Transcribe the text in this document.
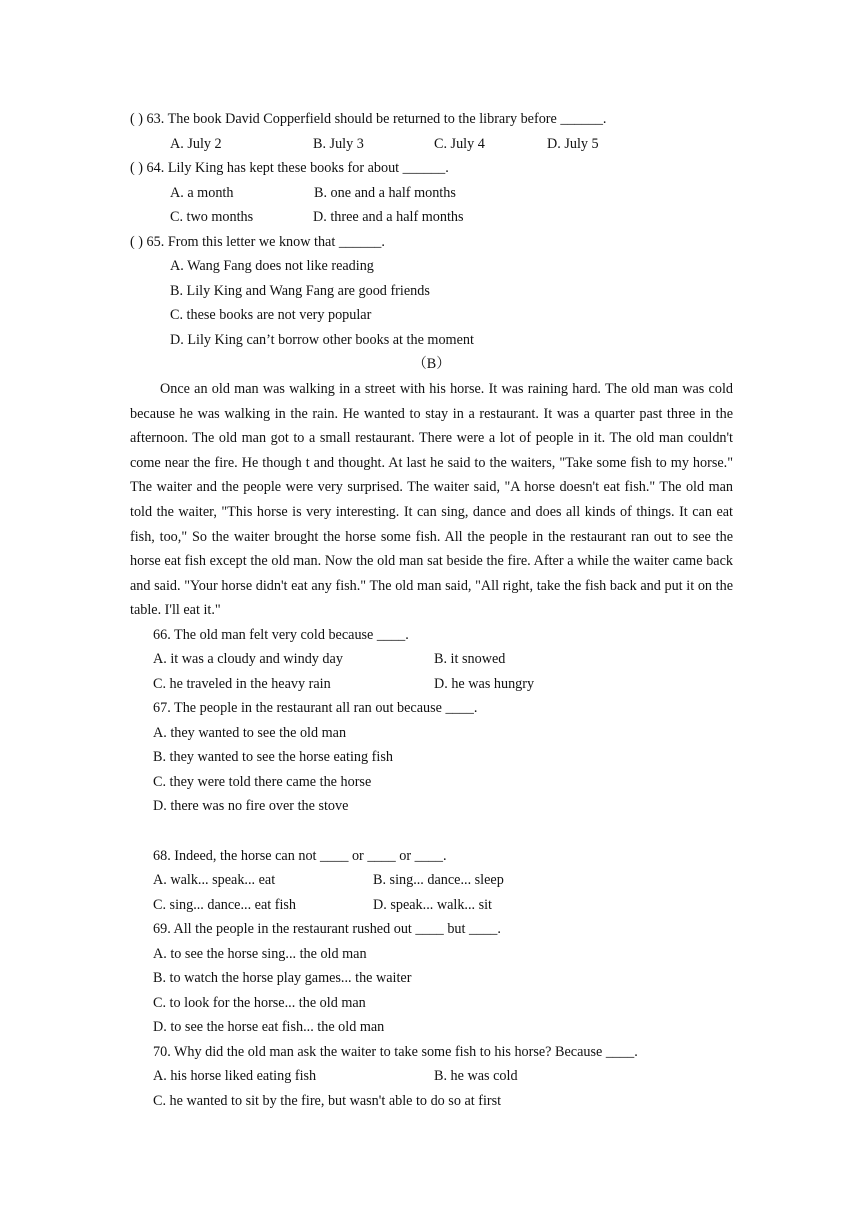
( ) 63. The book David Copperfield should be returned to the library before ______.
A. July 2	B. July 3	C. July 4	D. July 5
( ) 64. Lily King has kept these books for about ______.
A. a month	B. one and a half months
C. two months	D. three and a half months
( ) 65. From this letter we know that ______.
A. Wang Fang does not like reading
B. Lily King and Wang Fang are good friends
C. these books are not very popular
D. Lily King can’t borrow other books at the moment
（B）

Once an old man was walking in a street with his horse. It was raining hard. The old man was cold because he was walking in the rain. He wanted to stay in a restaurant. It was a quarter past three in the afternoon. The old man got to a small restaurant. There were a lot of people in it. The old man couldn't come near the fire. He though t and thought. At last he said to the waiters, "Take some fish to my horse." The waiter and the people were very surprised. The waiter said, "A horse doesn't eat fish." The old man told the waiter, "This horse is very interesting. It can sing, dance and does all kinds of things. It can eat fish, too," So the waiter brought the horse some fish. All the people in the restaurant ran out to see the horse eat fish except the old man. Now the old man sat beside the fire. After a while the waiter came back and said. "Your horse didn't eat any fish." The old man said, "All right, take the fish back and put it on the table. I'll eat it."

66. The old man felt very cold because ____.
A. it was a cloudy and windy day	B. it snowed
C. he traveled in the heavy rain	D. he was hungry
67. The people in the restaurant all ran out because ____.
A. they wanted to see the old man
B. they wanted to see the horse eating fish
C. they were told there came the horse
D. there was no fire over the stove
68. Indeed, the horse can not ____ or ____ or ____.
A. walk... speak... eat	B. sing... dance... sleep
C. sing... dance... eat fish	D. speak... walk... sit
69. All the people in the restaurant rushed out ____ but ____.
A. to see the horse sing... the old man
B. to watch the horse play games... the waiter
C. to look for the horse... the old man
D. to see the horse eat fish... the old man
70. Why did the old man ask the waiter to take some fish to his horse? Because ____.
A. his horse liked eating fish	B. he was cold
C. he wanted to sit by the fire, but wasn't able to do so at first
